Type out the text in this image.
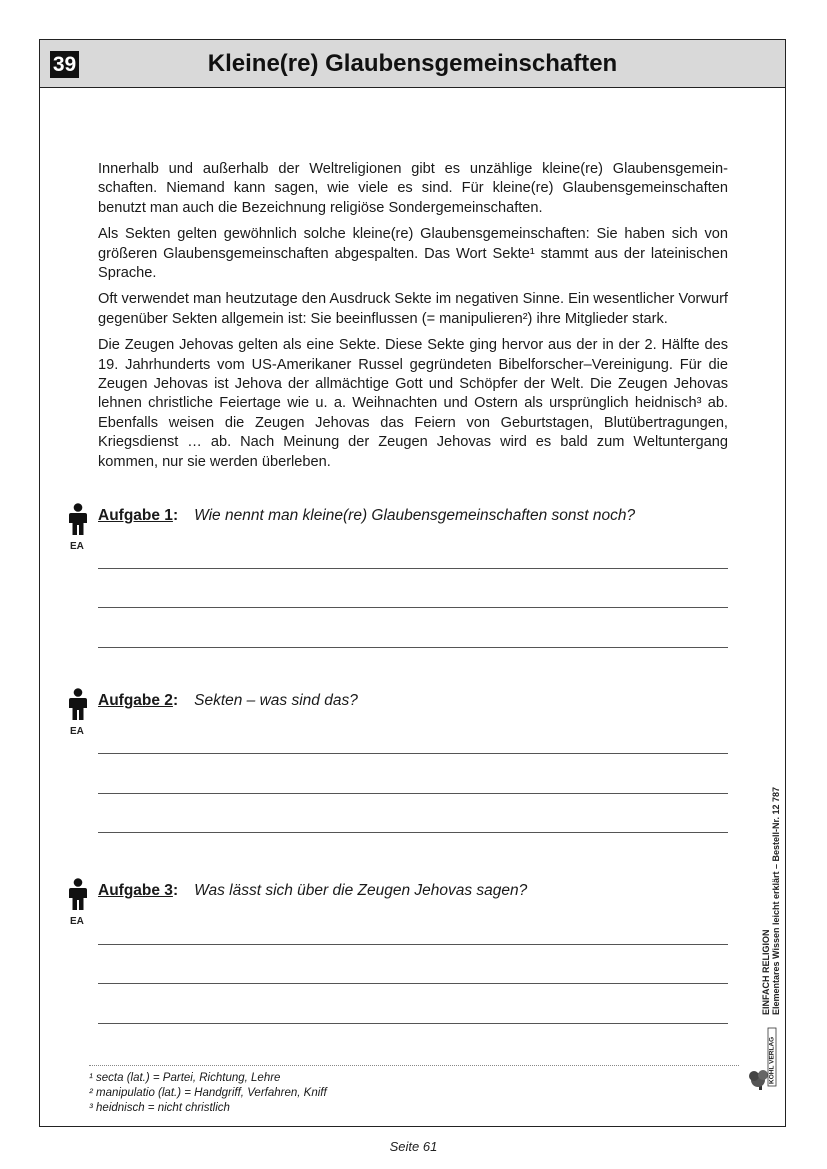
Kleine(re) Glaubensgemeinschaften
39

Innerhalb und außerhalb der Weltreligionen gibt es unzählige kleine(re) Glaubensgemeinschaften. Niemand kann sagen, wie viele es sind. Für kleine(re) Glaubensgemeinschaften benutzt man auch die Bezeichnung religiöse Sondergemeinschaften.

Als Sekten gelten gewöhnlich solche kleine(re) Glaubensgemeinschaften: Sie haben sich von größeren Glaubensgemeinschaften abgespalten. Das Wort Sekte¹ stammt aus der lateinischen Sprache.

Oft verwendet man heutzutage den Ausdruck Sekte im negativen Sinne. Ein wesentlicher Vorwurf gegenüber Sekten allgemein ist: Sie beeinflussen (= manipulieren²) ihre Mitglieder stark.

Die Zeugen Jehovas gelten als eine Sekte. Diese Sekte ging hervor aus der in der 2. Hälfte des 19. Jahrhunderts vom US-Amerikaner Russel gegründeten Bibelforscher–Vereinigung. Für die Zeugen Jehovas ist Jehova der allmächtige Gott und Schöpfer der Welt. Die Zeugen Jehovas lehnen christliche Feiertage wie u. a. Weihnachten und Ostern als ursprünglich heidnisch³ ab. Ebenfalls weisen die Zeugen Jehovas das Feiern von Geburtstagen, Blutübertragungen, Kriegsdienst … ab. Nach Meinung der Zeugen Jehovas wird es bald zum Weltuntergang kommen, nur sie werden überleben.

EA
Aufgabe 1: Wie nennt man kleine(re) Glaubensgemeinschaften sonst noch?
EA
Aufgabe 2: Sekten – was sind das?
EA
Aufgabe 3: Was lässt sich über die Zeugen Jehovas sagen?
¹ secta (lat.) = Partei, Richtung, Lehre
² manipulatio (lat.) = Handgriff, Verfahren, Kniff
³ heidnisch = nicht christlich
EINFACH RELIGION Elementares Wissen leicht erklärt – Bestell-Nr. 12 787
KOHL VERLAG
Seite 61
